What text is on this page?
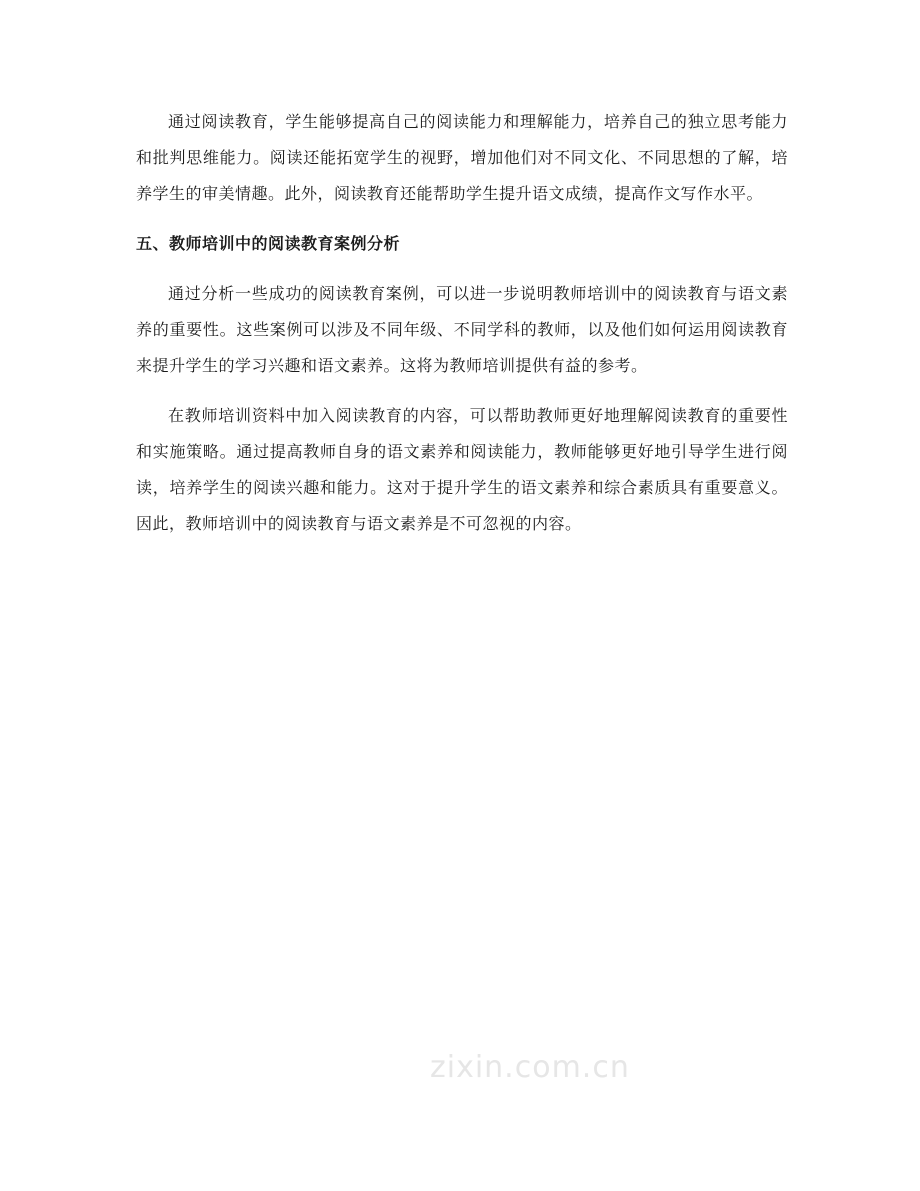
通过阅读教育，学生能够提高自己的阅读能力和理解能力，培养自己的独立思考能力和批判思维能力。阅读还能拓宽学生的视野，增加他们对不同文化、不同思想的了解，培养学生的审美情趣。此外，阅读教育还能帮助学生提升语文成绩，提高作文写作水平。

五、教师培训中的阅读教育案例分析

通过分析一些成功的阅读教育案例，可以进一步说明教师培训中的阅读教育与语文素养的重要性。这些案例可以涉及不同年级、不同学科的教师，以及他们如何运用阅读教育来提升学生的学习兴趣和语文素养。这将为教师培训提供有益的参考。

在教师培训资料中加入阅读教育的内容，可以帮助教师更好地理解阅读教育的重要性和实施策略。通过提高教师自身的语文素养和阅读能力，教师能够更好地引导学生进行阅读，培养学生的阅读兴趣和能力。这对于提升学生的语文素养和综合素质具有重要意义。因此，教师培训中的阅读教育与语文素养是不可忽视的内容。

zixin.com.cn
